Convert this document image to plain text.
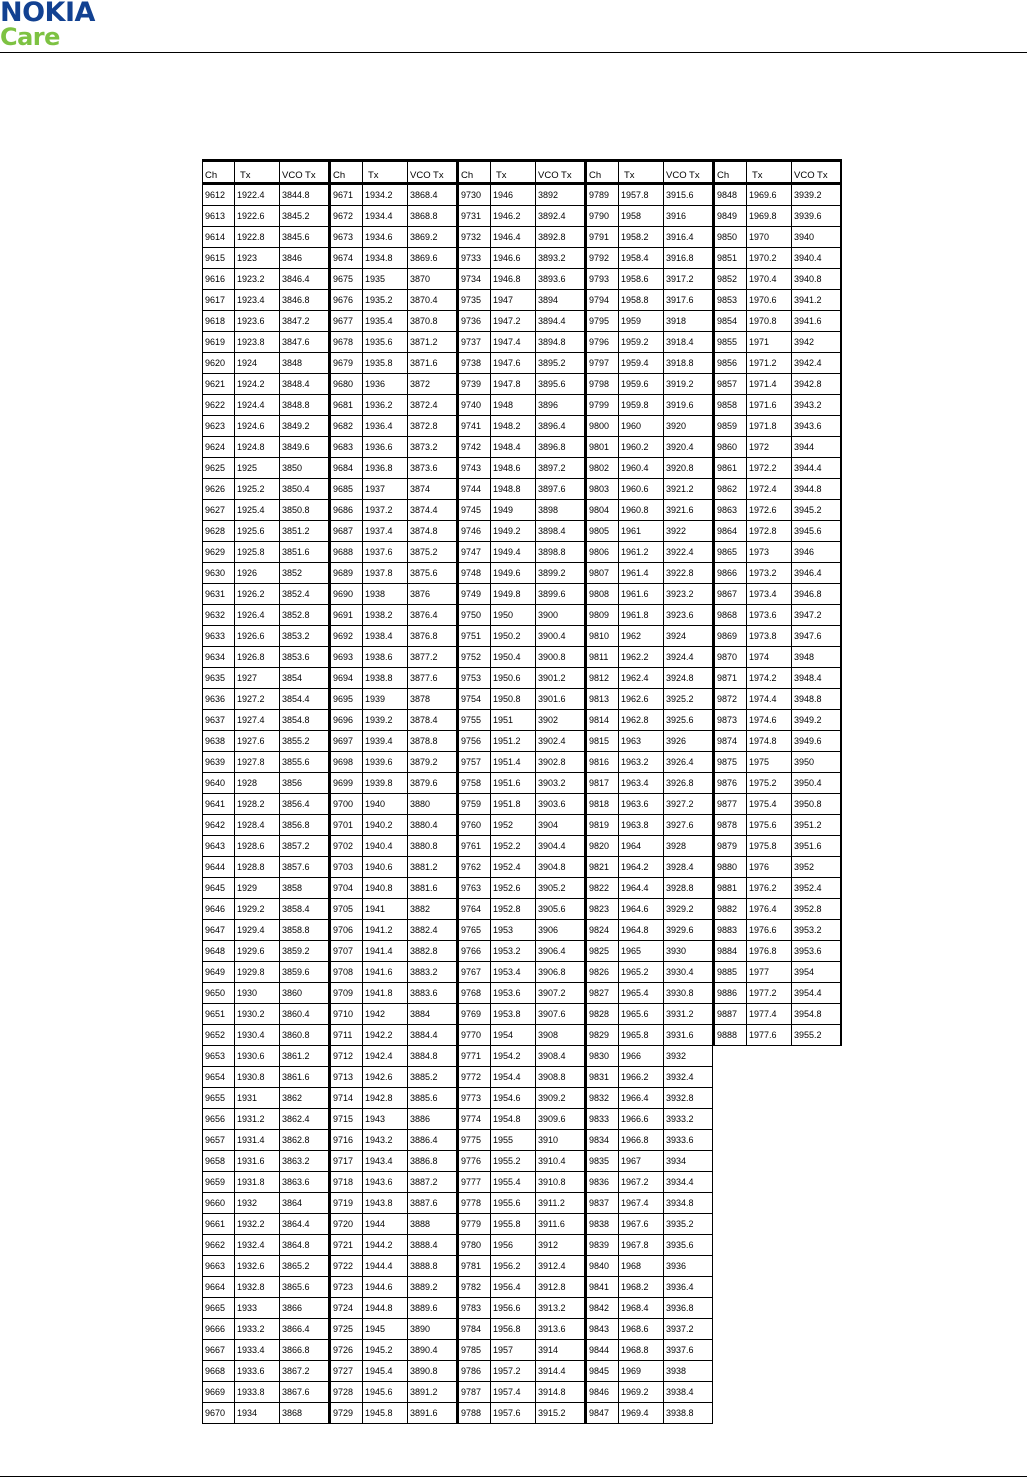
NOKIA
Care
Ch	Tx	VCO Tx
9612	1922.4	3844.8
9613	1922.6	3845.2
9614	1922.8	3845.6
9615	1923	3846
9616	1923.2	3846.4
9617	1923.4	3846.8
9618	1923.6	3847.2
9619	1923.8	3847.6
9620	1924	3848
9621	1924.2	3848.4
9622	1924.4	3848.8
9623	1924.6	3849.2
9624	1924.8	3849.6
9625	1925	3850
9626	1925.2	3850.4
9627	1925.4	3850.8
9628	1925.6	3851.2
9629	1925.8	3851.6
9630	1926	3852
9631	1926.2	3852.4
9632	1926.4	3852.8
9633	1926.6	3853.2
9634	1926.8	3853.6
9635	1927	3854
9636	1927.2	3854.4
9637	1927.4	3854.8
9638	1927.6	3855.2
9639	1927.8	3855.6
9640	1928	3856
9641	1928.2	3856.4
9642	1928.4	3856.8
9643	1928.6	3857.2
9644	1928.8	3857.6
9645	1929	3858
9646	1929.2	3858.4
9647	1929.4	3858.8
9648	1929.6	3859.2
9649	1929.8	3859.6
9650	1930	3860
9651	1930.2	3860.4
9652	1930.4	3860.8
9653	1930.6	3861.2
9654	1930.8	3861.6
9655	1931	3862
9656	1931.2	3862.4
9657	1931.4	3862.8
9658	1931.6	3863.2
9659	1931.8	3863.6
9660	1932	3864
9661	1932.2	3864.4
9662	1932.4	3864.8
9663	1932.6	3865.2
9664	1932.8	3865.6
9665	1933	3866
9666	1933.2	3866.4
9667	1933.4	3866.8
9668	1933.6	3867.2
9669	1933.8	3867.6
9670	1934	3868
Ch	Tx	VCO Tx
9671	1934.2	3868.4
9672	1934.4	3868.8
9673	1934.6	3869.2
9674	1934.8	3869.6
9675	1935	3870
9676	1935.2	3870.4
9677	1935.4	3870.8
9678	1935.6	3871.2
9679	1935.8	3871.6
9680	1936	3872
9681	1936.2	3872.4
9682	1936.4	3872.8
9683	1936.6	3873.2
9684	1936.8	3873.6
9685	1937	3874
9686	1937.2	3874.4
9687	1937.4	3874.8
9688	1937.6	3875.2
9689	1937.8	3875.6
9690	1938	3876
9691	1938.2	3876.4
9692	1938.4	3876.8
9693	1938.6	3877.2
9694	1938.8	3877.6
9695	1939	3878
9696	1939.2	3878.4
9697	1939.4	3878.8
9698	1939.6	3879.2
9699	1939.8	3879.6
9700	1940	3880
9701	1940.2	3880.4
9702	1940.4	3880.8
9703	1940.6	3881.2
9704	1940.8	3881.6
9705	1941	3882
9706	1941.2	3882.4
9707	1941.4	3882.8
9708	1941.6	3883.2
9709	1941.8	3883.6
9710	1942	3884
9711	1942.2	3884.4
9712	1942.4	3884.8
9713	1942.6	3885.2
9714	1942.8	3885.6
9715	1943	3886
9716	1943.2	3886.4
9717	1943.4	3886.8
9718	1943.6	3887.2
9719	1943.8	3887.6
9720	1944	3888
9721	1944.2	3888.4
9722	1944.4	3888.8
9723	1944.6	3889.2
9724	1944.8	3889.6
9725	1945	3890
9726	1945.2	3890.4
9727	1945.4	3890.8
9728	1945.6	3891.2
9729	1945.8	3891.6
Ch	Tx	VCO Tx
9730	1946	3892
9731	1946.2	3892.4
9732	1946.4	3892.8
9733	1946.6	3893.2
9734	1946.8	3893.6
9735	1947	3894
9736	1947.2	3894.4
9737	1947.4	3894.8
9738	1947.6	3895.2
9739	1947.8	3895.6
9740	1948	3896
9741	1948.2	3896.4
9742	1948.4	3896.8
9743	1948.6	3897.2
9744	1948.8	3897.6
9745	1949	3898
9746	1949.2	3898.4
9747	1949.4	3898.8
9748	1949.6	3899.2
9749	1949.8	3899.6
9750	1950	3900
9751	1950.2	3900.4
9752	1950.4	3900.8
9753	1950.6	3901.2
9754	1950.8	3901.6
9755	1951	3902
9756	1951.2	3902.4
9757	1951.4	3902.8
9758	1951.6	3903.2
9759	1951.8	3903.6
9760	1952	3904
9761	1952.2	3904.4
9762	1952.4	3904.8
9763	1952.6	3905.2
9764	1952.8	3905.6
9765	1953	3906
9766	1953.2	3906.4
9767	1953.4	3906.8
9768	1953.6	3907.2
9769	1953.8	3907.6
9770	1954	3908
9771	1954.2	3908.4
9772	1954.4	3908.8
9773	1954.6	3909.2
9774	1954.8	3909.6
9775	1955	3910
9776	1955.2	3910.4
9777	1955.4	3910.8
9778	1955.6	3911.2
9779	1955.8	3911.6
9780	1956	3912
9781	1956.2	3912.4
9782	1956.4	3912.8
9783	1956.6	3913.2
9784	1956.8	3913.6
9785	1957	3914
9786	1957.2	3914.4
9787	1957.4	3914.8
9788	1957.6	3915.2
Ch	Tx	VCO Tx
9789	1957.8	3915.6
9790	1958	3916
9791	1958.2	3916.4
9792	1958.4	3916.8
9793	1958.6	3917.2
9794	1958.8	3917.6
9795	1959	3918
9796	1959.2	3918.4
9797	1959.4	3918.8
9798	1959.6	3919.2
9799	1959.8	3919.6
9800	1960	3920
9801	1960.2	3920.4
9802	1960.4	3920.8
9803	1960.6	3921.2
9804	1960.8	3921.6
9805	1961	3922
9806	1961.2	3922.4
9807	1961.4	3922.8
9808	1961.6	3923.2
9809	1961.8	3923.6
9810	1962	3924
9811	1962.2	3924.4
9812	1962.4	3924.8
9813	1962.6	3925.2
9814	1962.8	3925.6
9815	1963	3926
9816	1963.2	3926.4
9817	1963.4	3926.8
9818	1963.6	3927.2
9819	1963.8	3927.6
9820	1964	3928
9821	1964.2	3928.4
9822	1964.4	3928.8
9823	1964.6	3929.2
9824	1964.8	3929.6
9825	1965	3930
9826	1965.2	3930.4
9827	1965.4	3930.8
9828	1965.6	3931.2
9829	1965.8	3931.6
9830	1966	3932
9831	1966.2	3932.4
9832	1966.4	3932.8
9833	1966.6	3933.2
9834	1966.8	3933.6
9835	1967	3934
9836	1967.2	3934.4
9837	1967.4	3934.8
9838	1967.6	3935.2
9839	1967.8	3935.6
9840	1968	3936
9841	1968.2	3936.4
9842	1968.4	3936.8
9843	1968.6	3937.2
9844	1968.8	3937.6
9845	1969	3938
9846	1969.2	3938.4
9847	1969.4	3938.8
Ch	Tx	VCO Tx
9848	1969.6	3939.2
9849	1969.8	3939.6
9850	1970	3940
9851	1970.2	3940.4
9852	1970.4	3940.8
9853	1970.6	3941.2
9854	1970.8	3941.6
9855	1971	3942
9856	1971.2	3942.4
9857	1971.4	3942.8
9858	1971.6	3943.2
9859	1971.8	3943.6
9860	1972	3944
9861	1972.2	3944.4
9862	1972.4	3944.8
9863	1972.6	3945.2
9864	1972.8	3945.6
9865	1973	3946
9866	1973.2	3946.4
9867	1973.4	3946.8
9868	1973.6	3947.2
9869	1973.8	3947.6
9870	1974	3948
9871	1974.2	3948.4
9872	1974.4	3948.8
9873	1974.6	3949.2
9874	1974.8	3949.6
9875	1975	3950
9876	1975.2	3950.4
9877	1975.4	3950.8
9878	1975.6	3951.2
9879	1975.8	3951.6
9880	1976	3952
9881	1976.2	3952.4
9882	1976.4	3952.8
9883	1976.6	3953.2
9884	1976.8	3953.6
9885	1977	3954
9886	1977.2	3954.4
9887	1977.4	3954.8
9888	1977.6	3955.2
